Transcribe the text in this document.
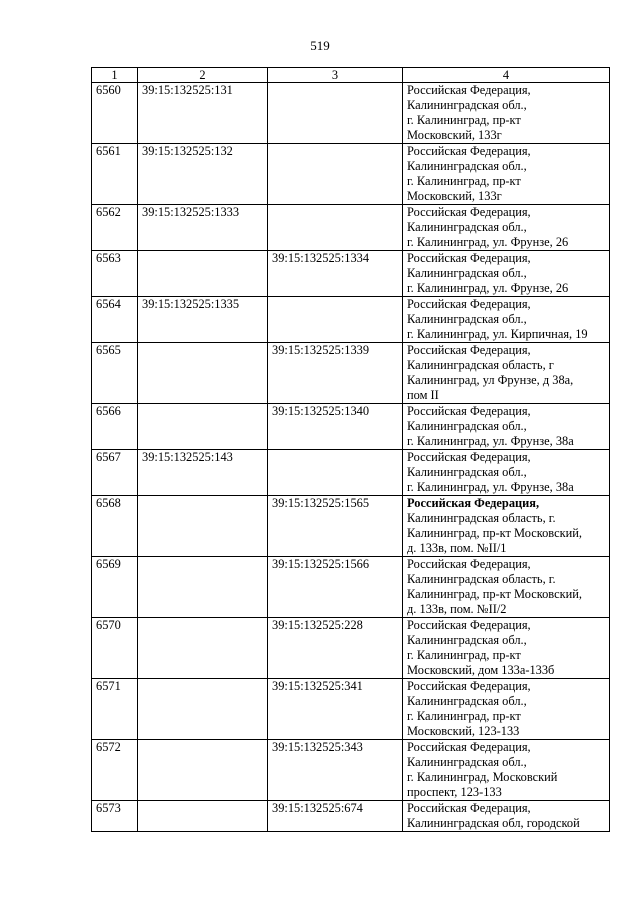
519
1	2	3	4
6560	39:15:132525:131		Российская Федерация,
Калининградская обл.,
г. Калининград, пр-кт
Московский, 133г

6561	39:15:132525:132		Российская Федерация,
Калининградская обл.,
г. Калининград, пр-кт
Московский, 133г

6562	39:15:132525:1333		Российская Федерация,
Калининградская обл.,
г. Калининград, ул. Фрунзе, 26

6563		39:15:132525:1334	Российская Федерация,
Калининградская обл.,
г. Калининград, ул. Фрунзе, 26

6564	39:15:132525:1335		Российская Федерация,
Калининградская обл.,
г. Калининград, ул. Кирпичная, 19

6565		39:15:132525:1339	Российская Федерация,
Калининградская область, г
Калининград, ул Фрунзе, д 38а,
пом II

6566		39:15:132525:1340	Российская Федерация,
Калининградская обл.,
г. Калининград, ул. Фрунзе, 38а

6567	39:15:132525:143		Российская Федерация,
Калининградская обл.,
г. Калининград, ул. Фрунзе, 38а

6568		39:15:132525:1565	Российская Федерация,
Калининградская область, г.
Калининград, пр-кт Московский,
д. 133в, пом. №II/1

6569		39:15:132525:1566	Российская Федерация,
Калининградская область, г.
Калининград, пр-кт Московский,
д. 133в, пом. №II/2

6570		39:15:132525:228	Российская Федерация,
Калининградская обл.,
г. Калининград, пр-кт
Московский, дом 133а-133б

6571		39:15:132525:341	Российская Федерация,
Калининградская обл.,
г. Калининград, пр-кт
Московский, 123-133

6572		39:15:132525:343	Российская Федерация,
Калининградская обл.,
г. Калининград, Московский
проспект, 123-133

6573		39:15:132525:674	Российская Федерация,
Калининградская обл, городской
